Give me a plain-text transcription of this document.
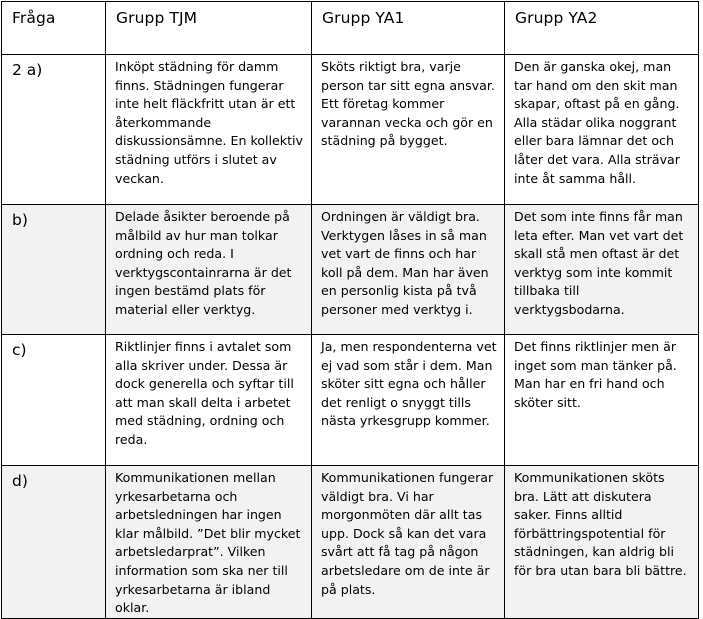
Fråga	Grupp TJM	Grupp YA1	Grupp YA2

2 a)	Inköpt städning för damm finns. Städningen fungerar inte helt fläckfritt utan är ett återkommande diskussionsämne. En kollektiv städning utförs i slutet av veckan.	Sköts riktigt bra, varje person tar sitt egna ansvar. Ett företag kommer varannan vecka och gör en städning på bygget.	Den är ganska okej, man tar hand om den skit man skapar, oftast på en gång. Alla städar olika noggrant eller bara lämnar det och låter det vara. Alla strävar inte åt samma håll.

b)	Delade åsikter beroende på målbild av hur man tolkar ordning och reda. I verktygscontainrarna är det ingen bestämd plats för material eller verktyg.	Ordningen är väldigt bra. Verktygen låses in så man vet vart de finns och har koll på dem. Man har även en personlig kista på två personer med verktyg i.	Det som inte finns får man leta efter. Man vet vart det skall stå men oftast är det verktyg som inte kommit tillbaka till verktygsbodarna.

c)	Riktlinjer finns i avtalet som alla skriver under. Dessa är dock generella och syftar till att man skall delta i arbetet med städning, ordning och reda.	Ja, men respondenterna vet ej vad som står i dem. Man sköter sitt egna och håller det renligt o snyggt tills nästa yrkesgrupp kommer.	Det finns riktlinjer men är inget som man tänker på. Man har en fri hand och sköter sitt.

d)	Kommunikationen mellan yrkesarbetarna och arbetsledningen har ingen klar målbild. ”Det blir mycket arbetsledarprat”. Vilken information som ska ner till yrkesarbetarna är ibland oklar.	Kommunikationen fungerar väldigt bra. Vi har morgonmöten där allt tas upp. Dock så kan det vara svårt att få tag på någon arbetsledare om de inte är på plats.	Kommunikationen sköts bra. Lätt att diskutera saker. Finns alltid förbättringspotential för städningen, kan aldrig bli för bra utan bara bli bättre.
